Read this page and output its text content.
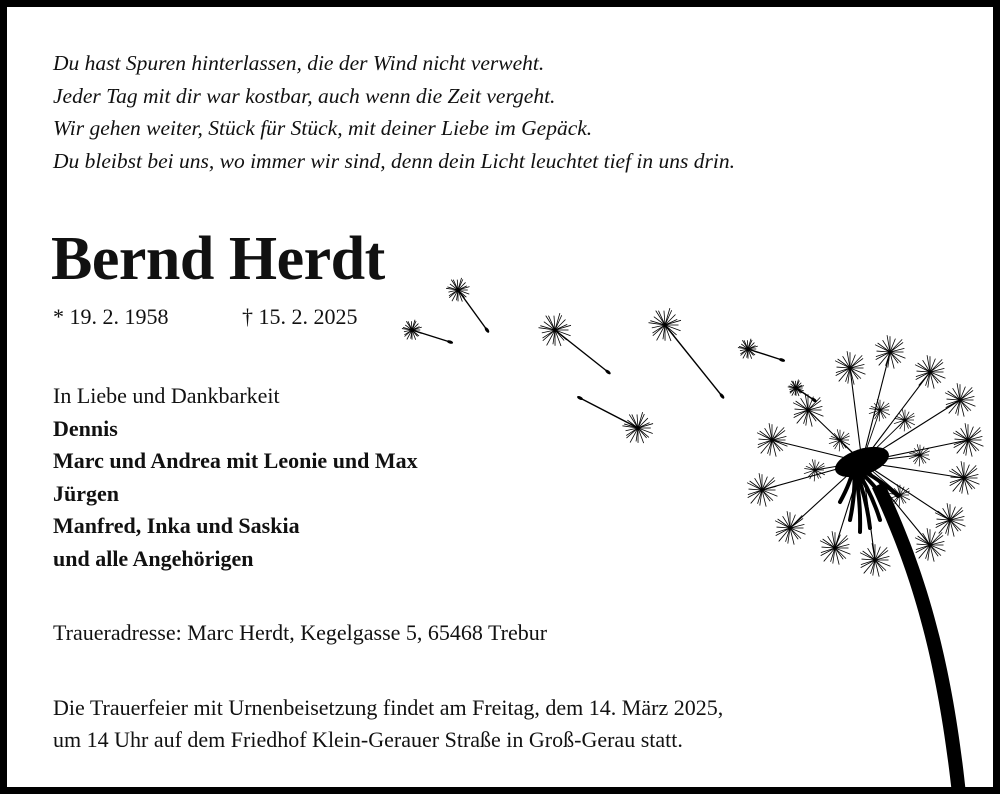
Du hast Spuren hinterlassen, die der Wind nicht verweht.
Jeder Tag mit dir war kostbar, auch wenn die Zeit vergeht.
Wir gehen weiter, Stück für Stück, mit deiner Liebe im Gepäck.
Du bleibst bei uns, wo immer wir sind, denn dein Licht leuchtet tief in uns drin.
Bernd Herdt
* 19. 2. 1958	† 15. 2. 2025
In Liebe und Dankbarkeit
Dennis
Marc und Andrea mit Leonie und Max
Jürgen
Manfred, Inka und Saskia
und alle Angehörigen
Traueradresse: Marc Herdt, Kegelgasse 5, 65468 Trebur
Die Trauerfeier mit Urnenbeisetzung findet am Freitag, dem 14. März 2025,
um 14 Uhr auf dem Friedhof Klein-Gerauer Straße in Groß-Gerau statt.
